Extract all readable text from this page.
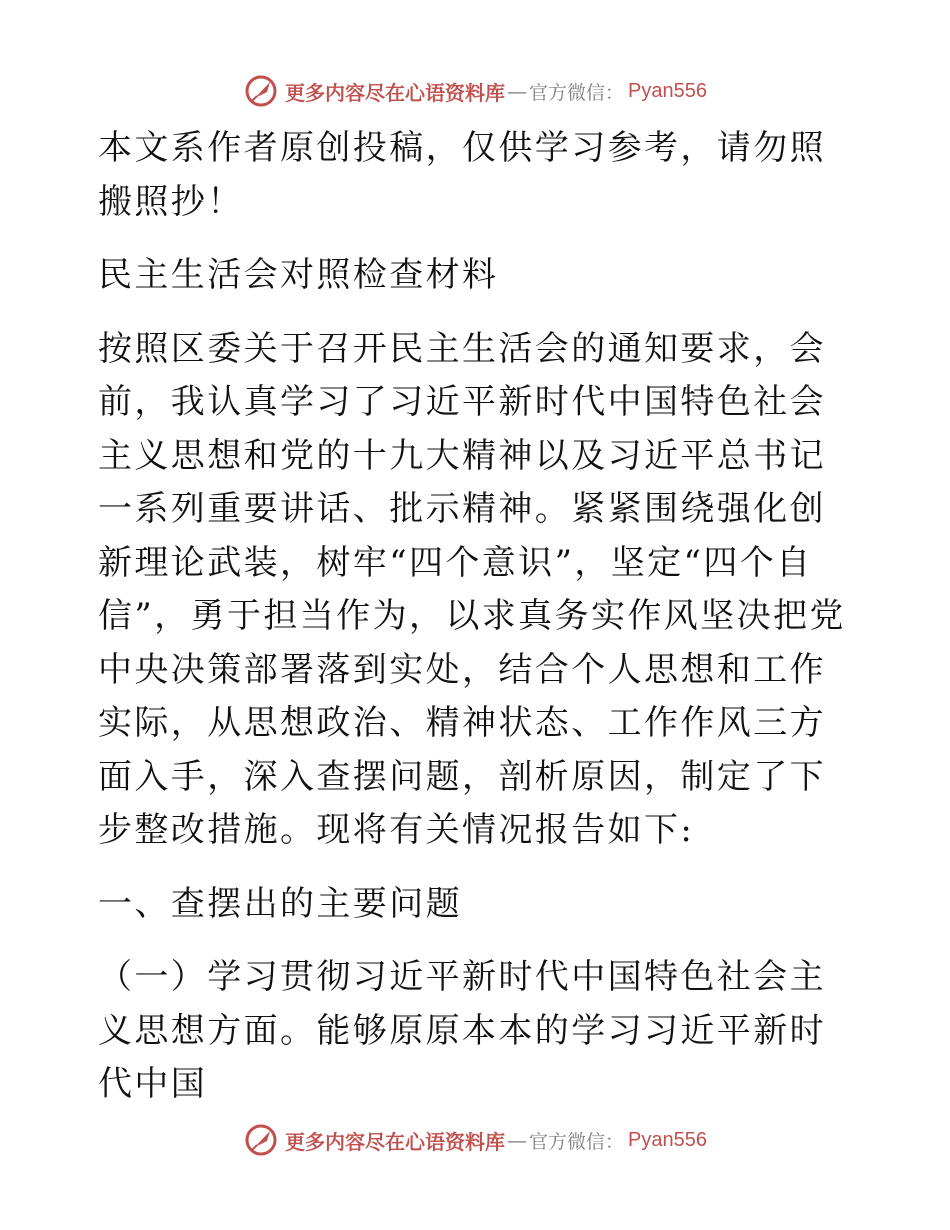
更多内容尽在心语资料库 — 官方微信： Pyan556

本文系作者原创投稿，仅供学习参考，请勿照搬照抄！

民主生活会对照检查材料

按照区委关于召开民主生活会的通知要求，会前，我认真学习了习近平新时代中国特色社会主义思想和党的十九大精神以及习近平总书记一系列重要讲话、批示精神。紧紧围绕强化创新理论武装，树牢“四个意识”，坚定“四个自信”，勇于担当作为，以求真务实作风坚决把党中央决策部署落到实处，结合个人思想和工作实际，从思想政治、精神状态、工作作风三方面入手，深入查摆问题，剖析原因，制定了下步整改措施。现将有关情况报告如下:

一、查摆出的主要问题

（一）学习贯彻习近平新时代中国特色社会主义思想方面。能够原原本本的学习习近平新时代中国

更多内容尽在心语资料库 — 官方微信： Pyan556
